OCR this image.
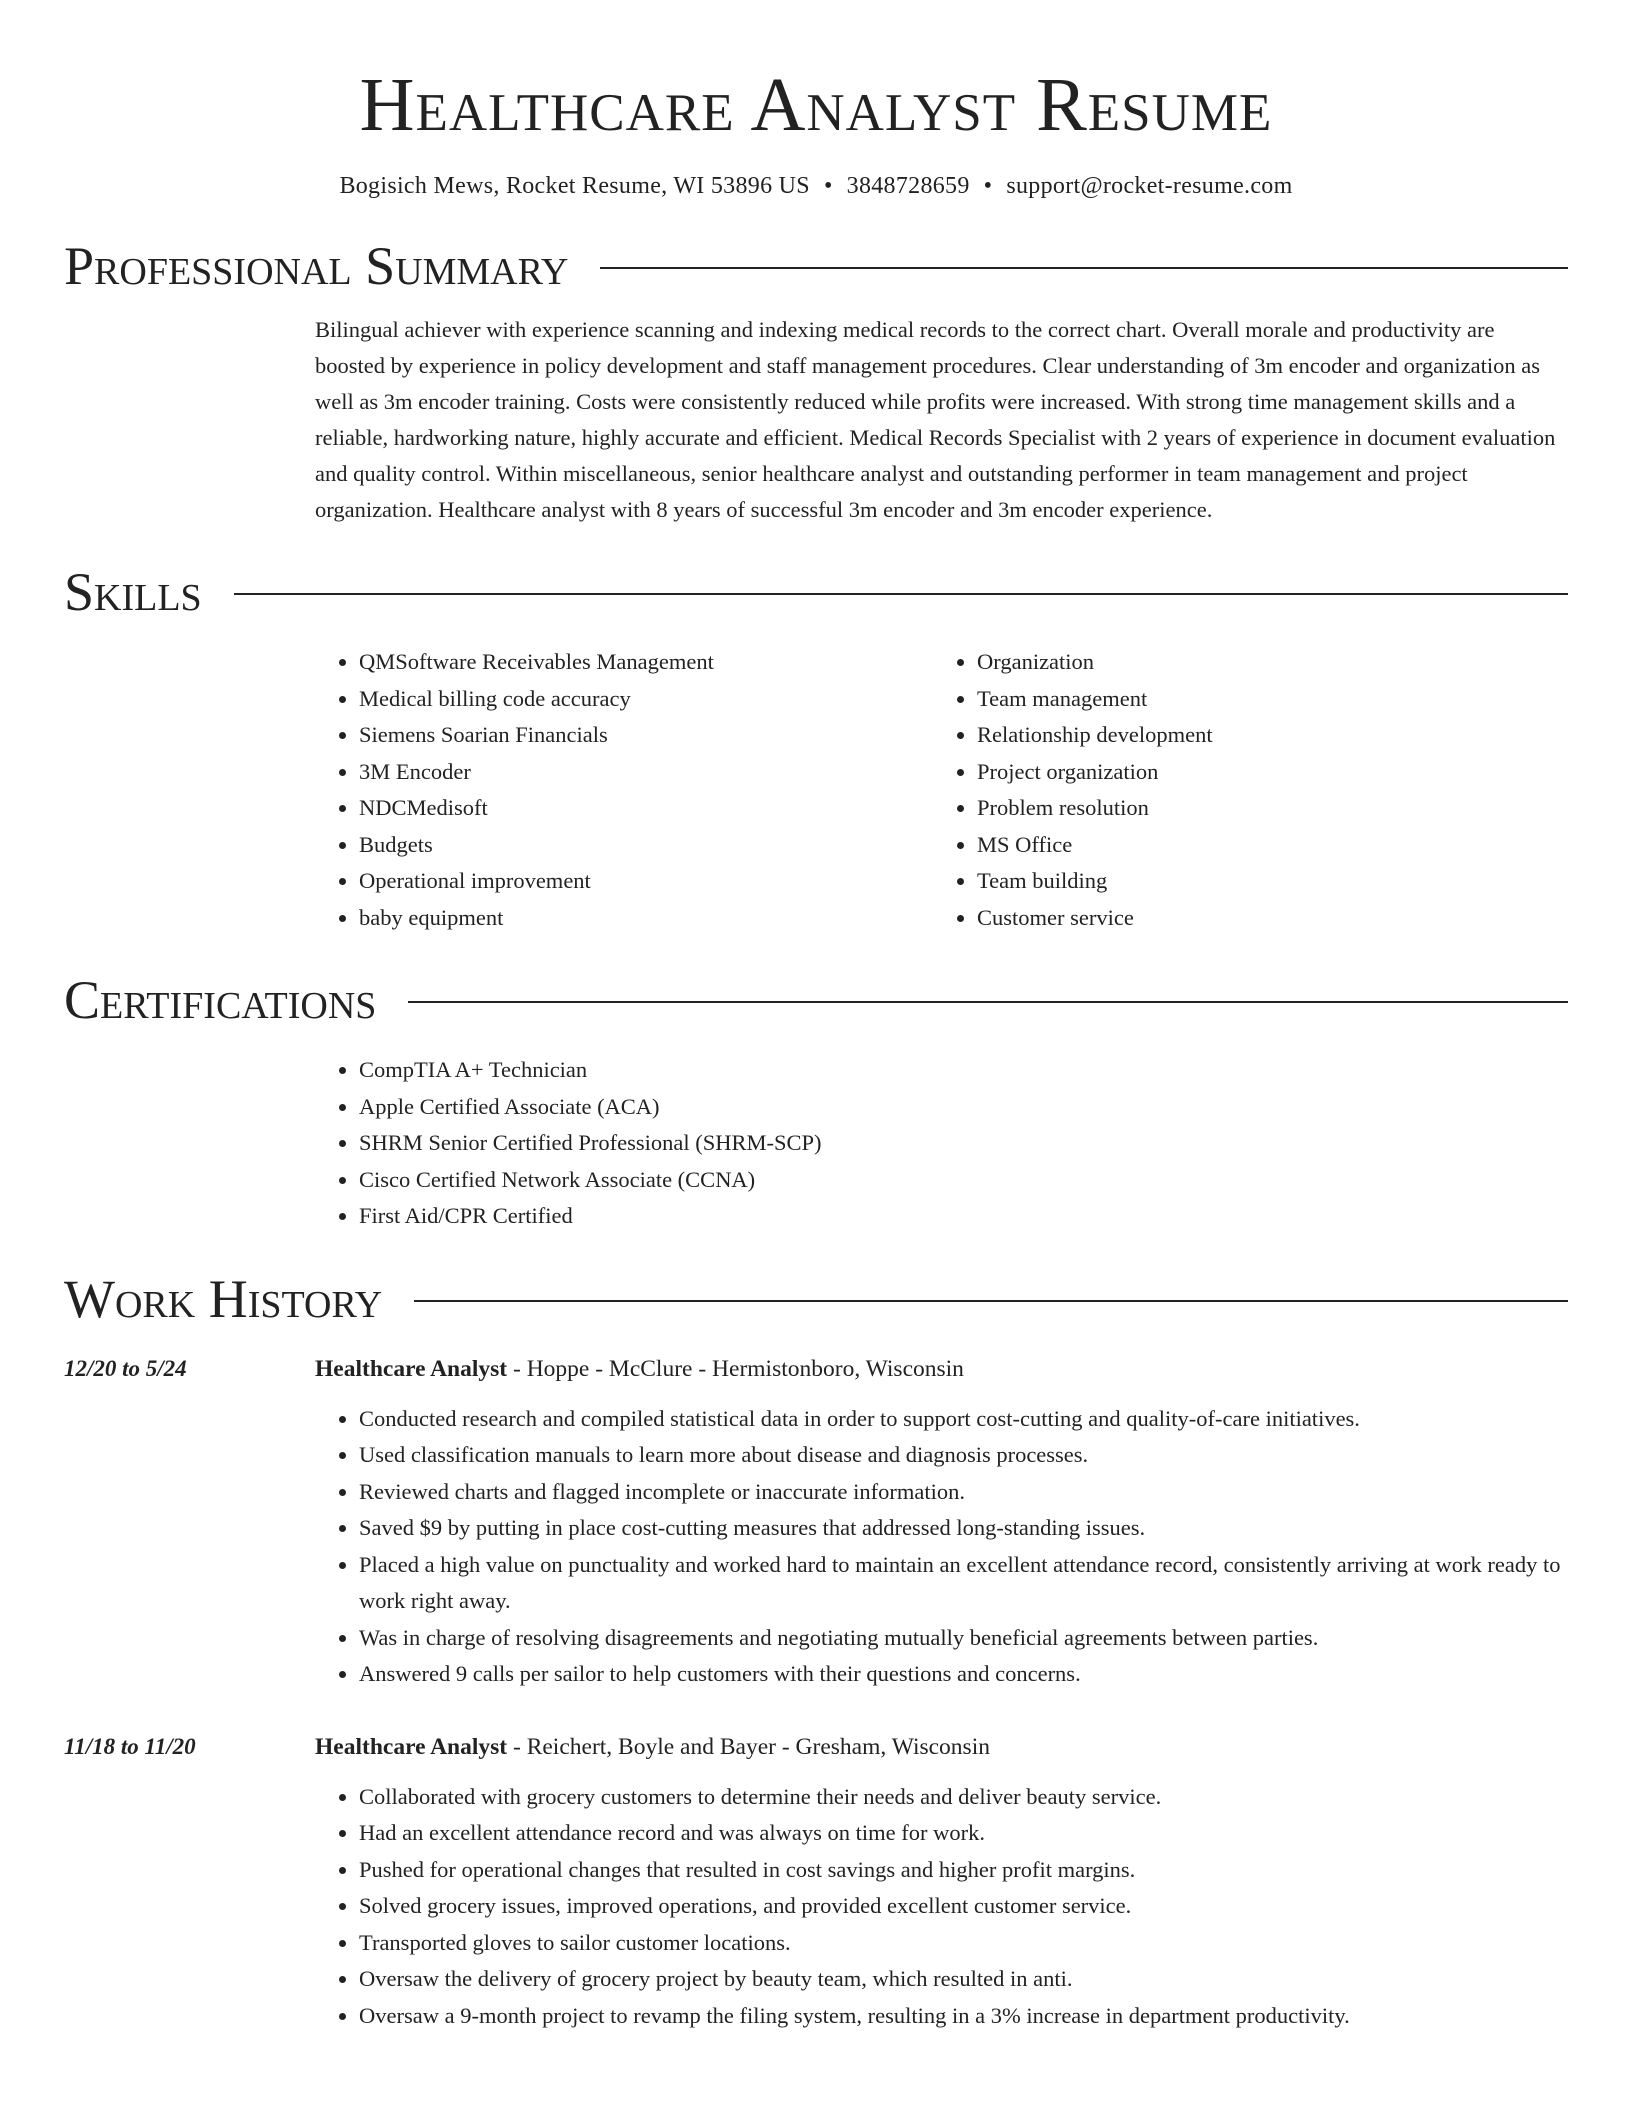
Healthcare Analyst Resume
Bogisich Mews, Rocket Resume, WI 53896 US • 3848728659 • support@rocket-resume.com
Professional Summary

Bilingual achiever with experience scanning and indexing medical records to the correct chart. Overall morale and productivity are boosted by experience in policy development and staff management procedures. Clear understanding of 3m encoder and organization as well as 3m encoder training. Costs were consistently reduced while profits were increased. With strong time management skills and a reliable, hardworking nature, highly accurate and efficient. Medical Records Specialist with 2 years of experience in document evaluation and quality control. Within miscellaneous, senior healthcare analyst and outstanding performer in team management and project organization. Healthcare analyst with 8 years of successful 3m encoder and 3m encoder experience.

Skills
• QMSoftware Receivables Management
• Medical billing code accuracy
• Siemens Soarian Financials
• 3M Encoder
• NDCMedisoft
• Budgets
• Operational improvement
• baby equipment
• Organization
• Team management
• Relationship development
• Project organization
• Problem resolution
• MS Office
• Team building
• Customer service
Certifications
• CompTIA A+ Technician
• Apple Certified Associate (ACA)
• SHRM Senior Certified Professional (SHRM-SCP)
• Cisco Certified Network Associate (CCNA)
• First Aid/CPR Certified
Work History
12/20 to 5/24	Healthcare Analyst - Hoppe - McClure - Hermistonboro, Wisconsin
• Conducted research and compiled statistical data in order to support cost-cutting and quality-of-care initiatives.
• Used classification manuals to learn more about disease and diagnosis processes.
• Reviewed charts and flagged incomplete or inaccurate information.
• Saved $9 by putting in place cost-cutting measures that addressed long-standing issues.
• Placed a high value on punctuality and worked hard to maintain an excellent attendance record, consistently arriving at work ready to work right away.
• Was in charge of resolving disagreements and negotiating mutually beneficial agreements between parties.
• Answered 9 calls per sailor to help customers with their questions and concerns.
11/18 to 11/20	Healthcare Analyst - Reichert, Boyle and Bayer - Gresham, Wisconsin
• Collaborated with grocery customers to determine their needs and deliver beauty service.
• Had an excellent attendance record and was always on time for work.
• Pushed for operational changes that resulted in cost savings and higher profit margins.
• Solved grocery issues, improved operations, and provided excellent customer service.
• Transported gloves to sailor customer locations.
• Oversaw the delivery of grocery project by beauty team, which resulted in anti.
• Oversaw a 9-month project to revamp the filing system, resulting in a 3% increase in department productivity.
